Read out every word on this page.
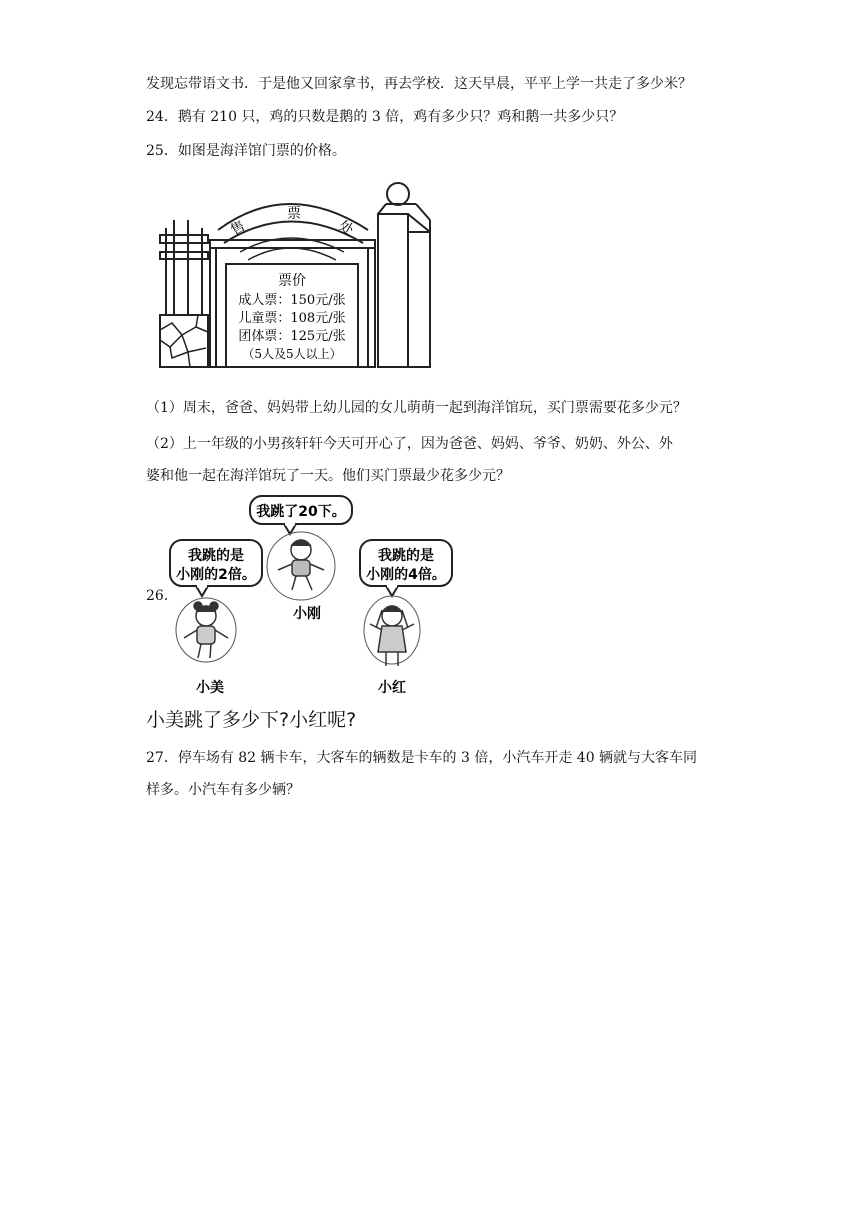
发现忘带语文书．于是他又回家拿书，再去学校．这天早晨，平平上学一共走了多少米？
24．鹅有 210 只，鸡的只数是鹅的 3 倍，鸡有多少只？鸡和鹅一共多少只？
25．如图是海洋馆门票的价格。
售
票
处
票价
成人票：150元/张
儿童票：108元/张
团体票：125元/张
（5人及5人以上）
（1）周末，爸爸、妈妈带上幼儿园的女儿萌萌一起到海洋馆玩，买门票需要花多少元？
（2）上一年级的小男孩轩轩今天可开心了，因为爸爸、妈妈、爷爷、奶奶、外公、外
婆和他一起在海洋馆玩了一天。他们买门票最少花多少元？
26．
我跳了20下。
我跳的是
小刚的2倍。
我跳的是
小刚的4倍。
小刚
小美	小红
小美跳了多少下?小红呢?
27．停车场有 82 辆卡车，大客车的辆数是卡车的 3 倍，小汽车开走 40 辆就与大客车同
样多。小汽车有多少辆？
